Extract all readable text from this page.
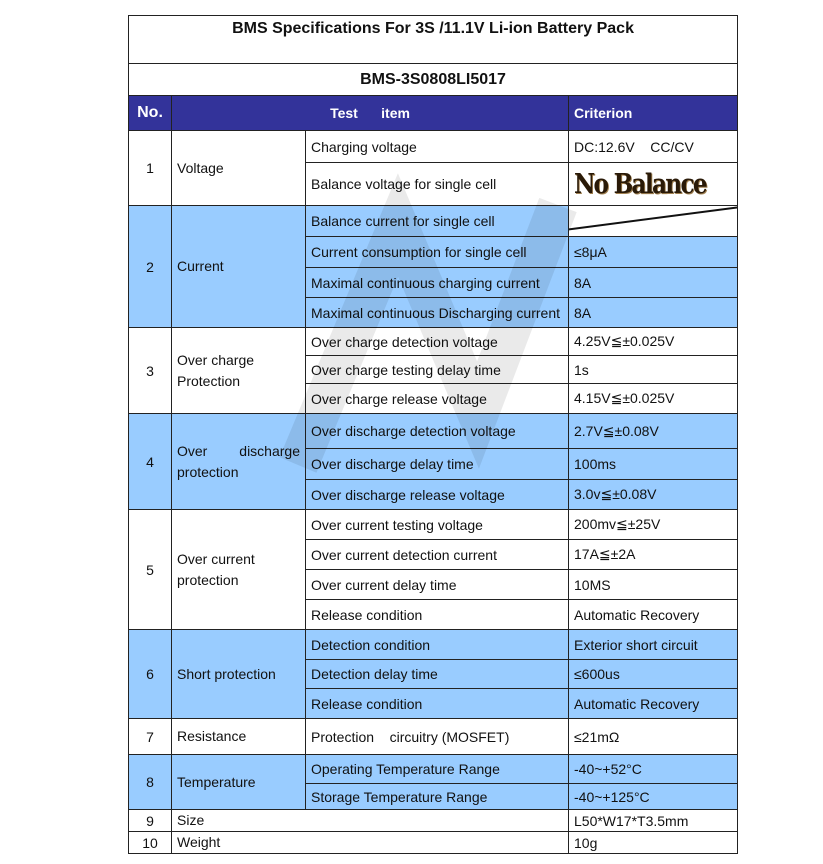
BMS Specifications For 3S /11.1V Li-ion Battery Pack			
BMS-3S0808LI5017			
No.	Test      item		Criterion
1	Voltage	Charging voltage	DC:12.6V    CC/CV
		Balance voltage for single cell	No Balance
2	Current	Balance current for single cell	

		Current consumption for single cell	≤8μA
		Maximal continuous charging current	8A
		Maximal continuous Discharging current	8A
3	Over charge Protection	Over charge detection voltage	4.25V≦±0.025V
		Over charge testing delay time	1s
		Over charge release voltage	4.15V≦±0.025V
4	Over discharge protection	Over discharge detection voltage	2.7V≦±0.08V
		Over discharge delay time	100ms
		Over discharge release voltage	3.0v≦±0.08V
5	Over current protection	Over current testing voltage	200mv≦±25V
		Over current detection current	17A≦±2A
		Over current delay time	10MS
		Release condition	Automatic Recovery
6	Short protection	Detection condition	Exterior short circuit
		Detection delay time	≤600us
		Release condition	Automatic Recovery
7	Resistance	Protection    circuitry (MOSFET)	≤21mΩ
8	Temperature	Operating Temperature Range	-40~+52°C
		Storage Temperature Range	-40~+125°C
9	Size		L50*W17*T3.5mm
10	Weight		10g
